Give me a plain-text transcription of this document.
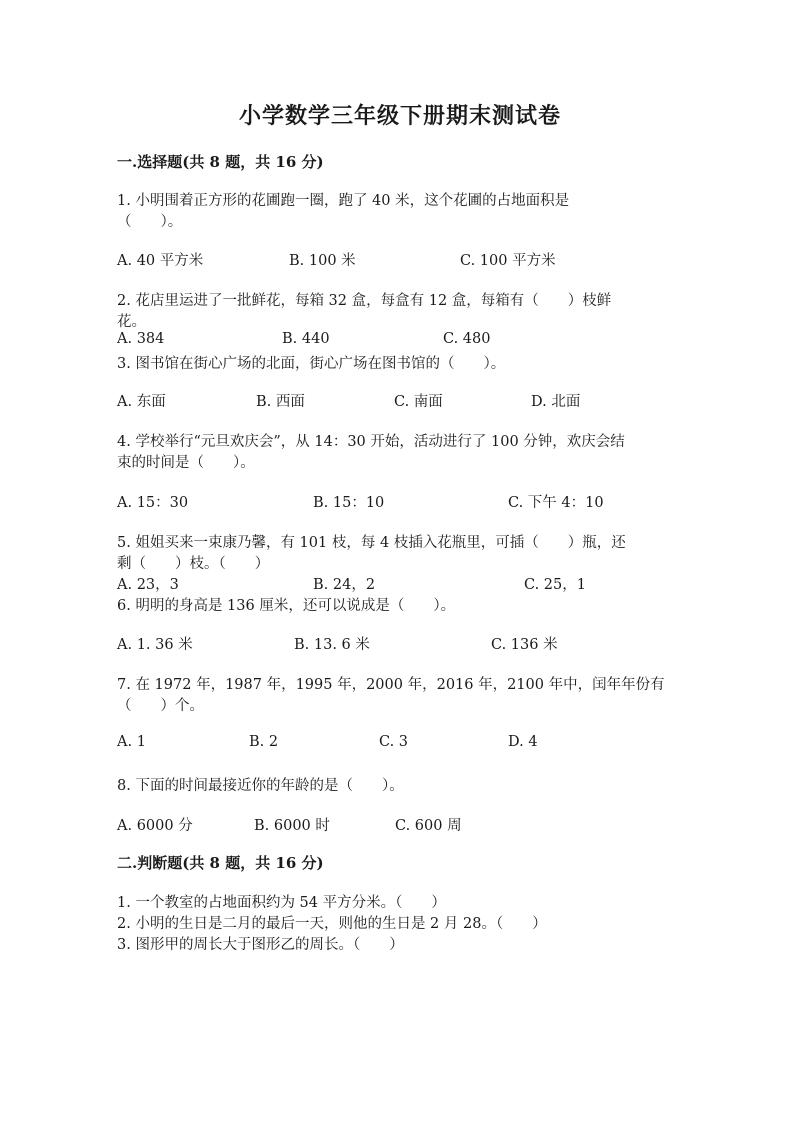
小学数学三年级下册期末测试卷
一.选择题(共 8 题，共 16 分)
1. 小明围着正方形的花圃跑一圈，跑了 40 米，这个花圃的占地面积是
（　　）。
A. 40 平方米	B. 100 米	C. 100 平方米
2. 花店里运进了一批鲜花，每箱 32 盒，每盒有 12 盒，每箱有（　　）枝鲜
花。
A. 384	B. 440	C. 480
3. 图书馆在街心广场的北面，街心广场在图书馆的（　　）。
A. 东面	B. 西面	C. 南面	D. 北面
4. 学校举行“元旦欢庆会”，从 14：30 开始，活动进行了 100 分钟，欢庆会结
束的时间是（　　）。
A. 15：30	B. 15：10	C. 下午 4：10
5. 姐姐买来一束康乃馨，有 101 枝，每 4 枝插入花瓶里，可插（　　）瓶，还
剩（　　）枝。（　　）
A. 23，3	B. 24，2	C. 25，1
6. 明明的身高是 136 厘米，还可以说成是（　　）。
A. 1. 36 米	B. 13. 6 米	C. 136 米
7. 在 1972 年，1987 年，1995 年，2000 年，2016 年，2100 年中，闰年年份有
（　　）个。
A. 1	B. 2	C. 3	D. 4
8. 下面的时间最接近你的年龄的是（　　）。
A. 6000 分	B. 6000 时	C. 600 周
二.判断题(共 8 题，共 16 分)
1. 一个教室的占地面积约为 54 平方分米。（　　）
2. 小明的生日是二月的最后一天，则他的生日是 2 月 28。（　　）
3. 图形甲的周长大于图形乙的周长。（　　）
